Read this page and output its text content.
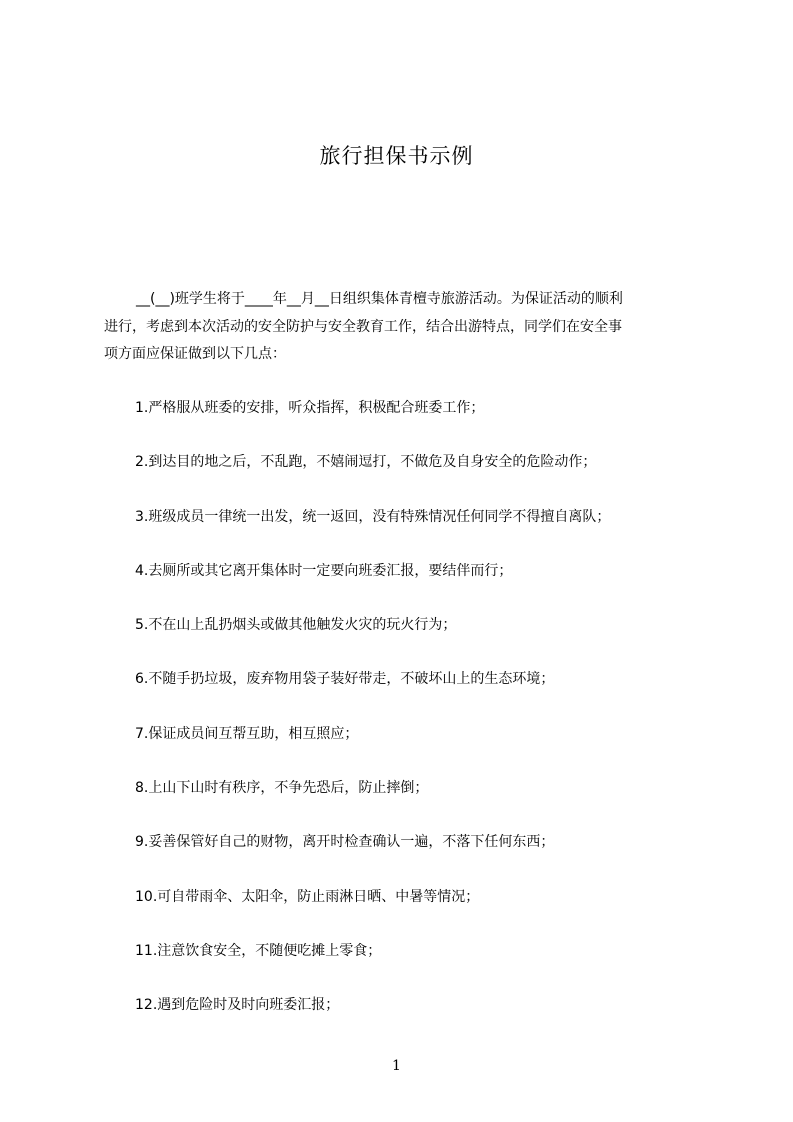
旅行担保书示例
__(__)班学生将于____年__月__日组织集体青檀寺旅游活动。为保证活动的顺利
进行，考虑到本次活动的安全防护与安全教育工作，结合出游特点，同学们在安全事
项方面应保证做到以下几点：
1.严格服从班委的安排，听众指挥，积极配合班委工作；
2.到达目的地之后，不乱跑，不嬉闹逗打，不做危及自身安全的危险动作；
3.班级成员一律统一出发，统一返回，没有特殊情况任何同学不得擅自离队；
4.去厕所或其它离开集体时一定要向班委汇报，要结伴而行；
5.不在山上乱扔烟头或做其他触发火灾的玩火行为；
6.不随手扔垃圾，废弃物用袋子装好带走，不破坏山上的生态环境；
7.保证成员间互帮互助，相互照应；
8.上山下山时有秩序，不争先恐后，防止摔倒；
9.妥善保管好自己的财物，离开时检查确认一遍，不落下任何东西；
10.可自带雨伞、太阳伞，防止雨淋日晒、中暑等情况；
11.注意饮食安全，不随便吃摊上零食；
12.遇到危险时及时向班委汇报；
1
